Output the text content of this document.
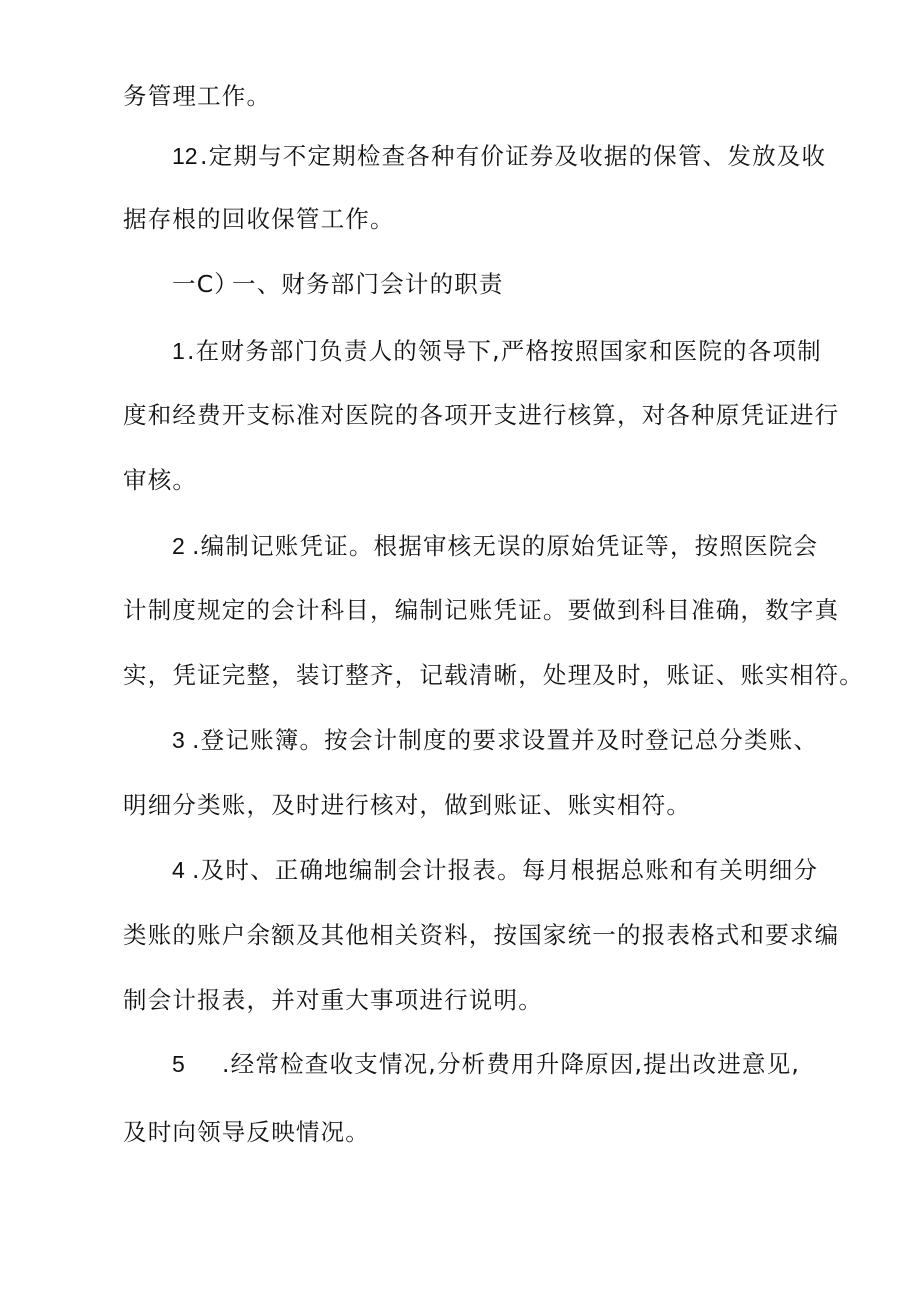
务管理工作。
12 .定期与不定期检查各种有价证券及收据的保管、发放及收
据存根的回收保管工作。
一C）
一、财务部门会计的职责
1 .在财务部门负责人的领导下,严格按照国家和医院的各项制
度和经费开支标准对医院的各项开支进行核算，对各种原凭证进行
审核。
2 .编制记账凭证。根据审核无误的原始凭证等，按照医院会
计制度规定的会计科目，编制记账凭证。要做到科目准确，数字真
实，凭证完整，装订整齐，记载清晰，处理及时，账证、账实相符。
3 .登记账簿。按会计制度的要求设置并及时登记总分类账、
明细分类账，及时进行核对，做到账证、账实相符。
4 .及时、正确地编制会计报表。每月根据总账和有关明细分
类账的账户余额及其他相关资料，按国家统一的报表格式和要求编
制会计报表，并对重大事项进行说明。
5 .经常检查收支情况,分析费用升降原因,提出改进意见,
及时向领导反映情况。
